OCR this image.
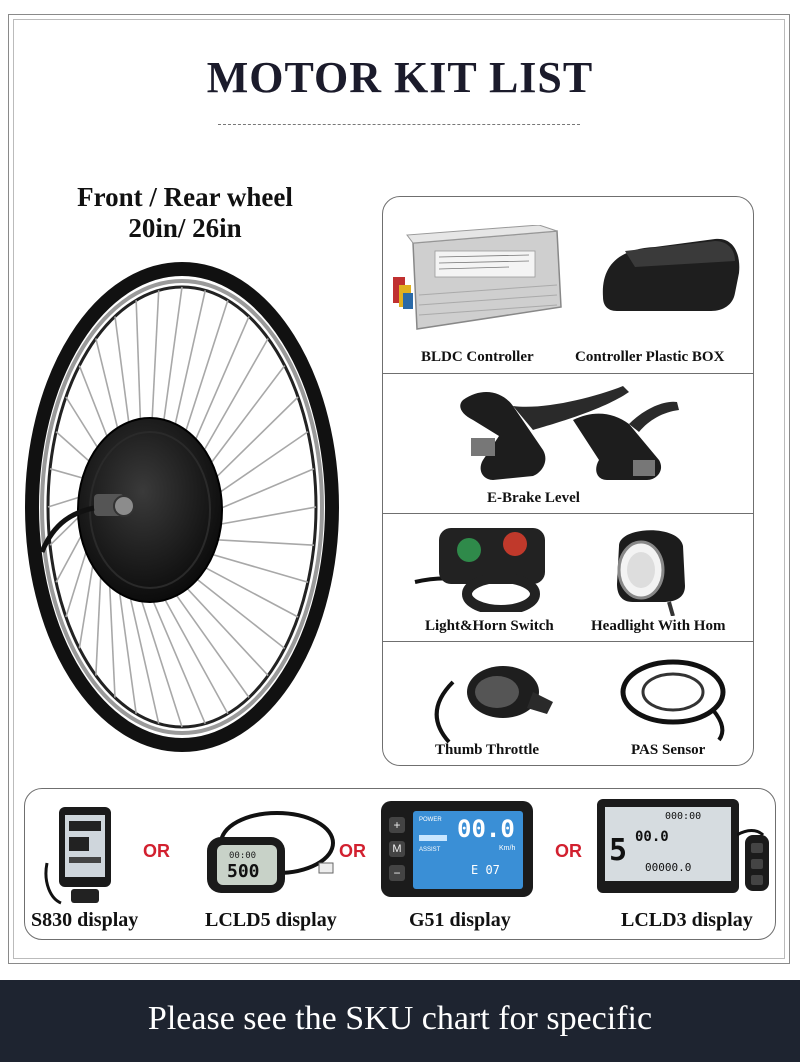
MOTOR KIT LIST
Front / Rear wheel
20in/ 26in
BLDC Controller	Controller Plastic BOX
E-Brake Level
Light&Horn Switch Headlight With Hom
Thumb Throttle	PAS Sensor
OR
S830 display
00:00
500
OR
LCLD5 display
+
M
−
POWER
ASSIST
00.0
Km/h
E 07
OR
G51 display
000:00
5 00.0
00000.0
LCLD3 display
Please see the SKU chart for specific
